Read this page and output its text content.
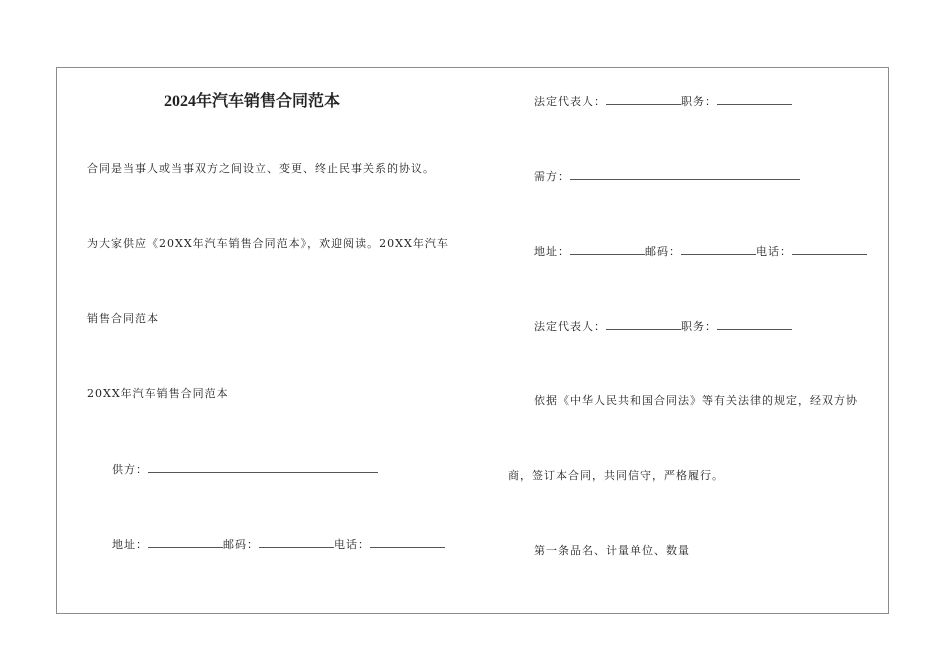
2024年汽车销售合同范本
合同是当事人或当事双方之间设立、变更、终止民事关系的协议。
为大家供应《20XX年汽车销售合同范本》，欢迎阅读。20XX年汽车
销售合同范本
20XX年汽车销售合同范本
供方：
地址：	邮码：	电话：
法定代表人：	职务：
需方：
地址：	邮码：	电话：
法定代表人：	职务：
依据《中华人民共和国合同法》等有关法律的规定，经双方协
商，签订本合同，共同信守，严格履行。
第一条品名、计量单位、数量
